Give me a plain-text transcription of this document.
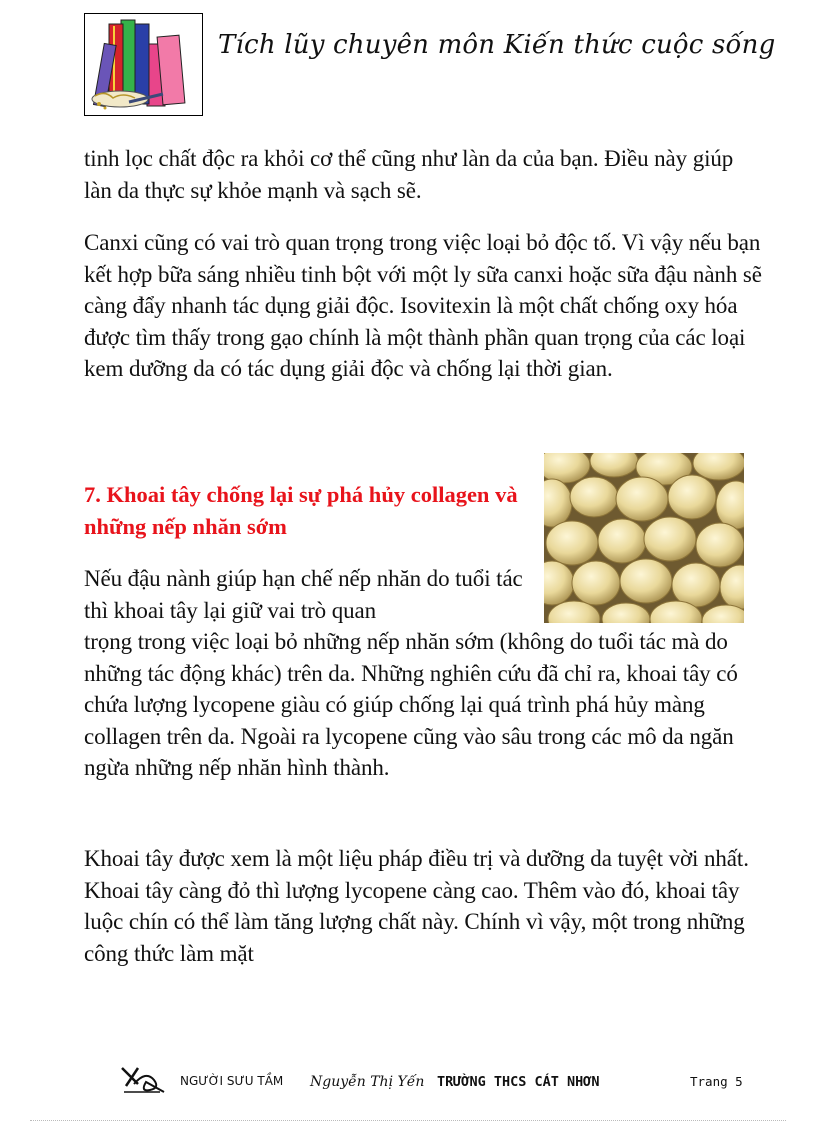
Tích lũy chuyên môn Kiến thức cuộc sống

tinh lọc chất độc ra khỏi cơ thể cũng như làn da của bạn. Điều này giúp làn da thực sự khỏe mạnh và sạch sẽ.

Canxi cũng có vai trò quan trọng trong việc loại bỏ độc tố. Vì vậy nếu bạn kết hợp bữa sáng nhiều tinh bột với một ly sữa canxi hoặc sữa đậu nành sẽ càng đẩy nhanh tác dụng giải độc. Isovitexin là một chất chống oxy hóa được tìm thấy trong gạo chính là một thành phần quan trọng của các loại kem dưỡng da có tác dụng giải độc và chống lại thời gian.

7. Khoai tây chống lại sự phá hủy collagen và những nếp nhăn sớm
Nếu đậu nành giúp hạn chế nếp nhăn do tuổi tác thì khoai tây lại giữ vai trò quan
trọng trong việc loại bỏ những nếp nhăn sớm (không do tuổi tác mà do những tác động khác) trên da. Những nghiên cứu đã chỉ ra, khoai tây có chứa lượng lycopene giàu có giúp chống lại quá trình phá hủy màng collagen trên da. Ngoài ra lycopene cũng vào sâu trong các mô da ngăn ngừa những nếp nhăn hình thành.

Khoai tây được xem là một liệu pháp điều trị và dưỡng da tuyệt vời nhất. Khoai tây càng đỏ thì lượng lycopene càng cao. Thêm vào đó, khoai tây luộc chín có thể làm tăng lượng chất này. Chính vì vậy, một trong những công thức làm mặt

NGƯỜI SƯU TẦM Nguyễn Thị Yến TRƯỜNG THCS CÁT NHƠN	Trang 5
